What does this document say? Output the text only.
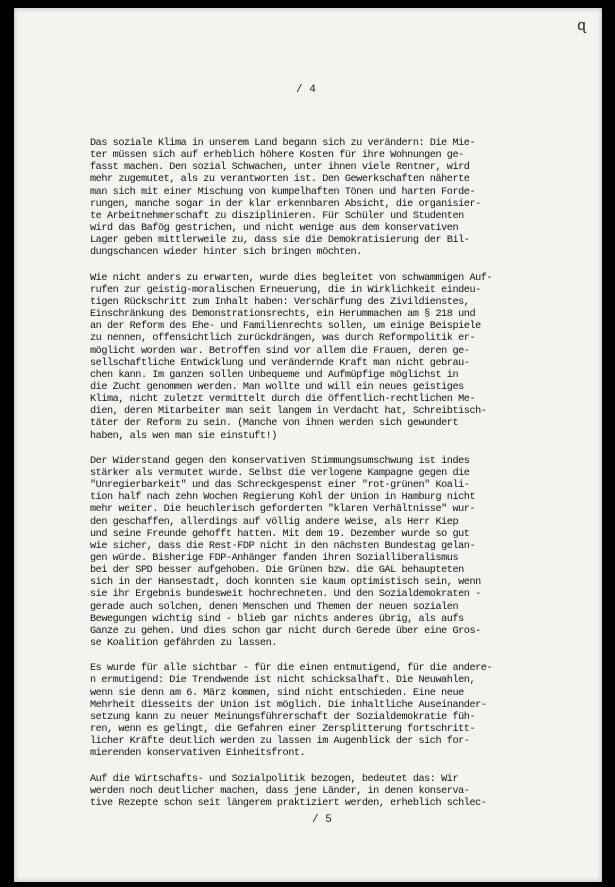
ɋ
/ 4
Das soziale Klima in unserem Land begann sich zu verändern: Die Mie-
ter müssen sich auf erheblich höhere Kosten für ihre Wohnungen ge-
fasst machen. Den sozial Schwachen, unter ihnen viele Rentner, wird
mehr zugemutet, als zu verantworten ist. Den Gewerkschaften näherte
man sich mit einer Mischung von kumpelhaften Tönen und harten Forde-
rungen, manche sogar in der klar erkennbaren Absicht, die organisier-
te Arbeitnehmerschaft zu disziplinieren. Für Schüler und Studenten
wird das Bafög gestrichen, und nicht wenige aus dem konservativen
Lager geben mittlerweile zu, dass sie die Demokratisierung der Bil-
dungschancen wieder hinter sich bringen möchten.
Wie nicht anders zu erwarten, wurde dies begleitet von schwammigen Auf-
rufen zur geistig-moralischen Erneuerung, die in Wirklichkeit eindeu-
tigen Rückschritt zum Inhalt haben: Verschärfung des Zivildienstes,
Einschränkung des Demonstrationsrechts, ein Herummachen am § 218 und
an der Reform des Ehe- und Familienrechts sollen, um einige Beispiele
zu nennen, offensichtlich zurückdrängen, was durch Reformpolitik er-
möglicht worden war. Betroffen sind vor allem die Frauen, deren ge-
sellschaftliche Entwicklung und verändernde Kraft man nicht gebrau-
chen kann. Im ganzen sollen Unbequeme und Aufmüpfige möglichst in
die Zucht genommen werden. Man wollte und will ein neues geistiges
Klima, nicht zuletzt vermittelt durch die öffentlich-rechtlichen Me-
dien, deren Mitarbeiter man seit langem in Verdacht hat, Schreibtisch-
täter der Reform zu sein. (Manche von ihnen werden sich gewundert
haben, als wen man sie einstuft!)
Der Widerstand gegen den konservativen Stimmungsumschwung ist indes
stärker als vermutet wurde. Selbst die verlogene Kampagne gegen die
"Unregierbarkeit" und das Schreckgespenst einer "rot-grünen" Koali-
tion half nach zehn Wochen Regierung Kohl der Union in Hamburg nicht
mehr weiter. Die heuchlerisch geforderten "klaren Verhältnisse" wur-
den geschaffen, allerdings auf völlig andere Weise, als Herr Kiep
und seine Freunde gehofft hatten. Mit dem 19. Dezember wurde so gut
wie sicher, dass die Rest-FDP nicht in den nächsten Bundestag gelan-
gen würde. Bisherige FDP-Anhänger fanden ihren Sozialliberalismus
bei der SPD besser aufgehoben. Die Grünen bzw. die GAL behaupteten
sich in der Hansestadt, doch konnten sie kaum optimistisch sein, wenn
sie ihr Ergebnis bundesweit hochrechneten. Und den Sozialdemokraten -
gerade auch solchen, denen Menschen und Themen der neuen sozialen
Bewegungen wichtig sind - blieb gar nichts anderes übrig, als aufs
Ganze zu gehen. Und dies schon gar nicht durch Gerede über eine Gros-
se Koalition gefährden zu lassen.
Es wurde für alle sichtbar - für die einen entmutigend, für die andere-
n ermutigend: Die Trendwende ist nicht schicksalhaft. Die Neuwahlen,
wenn sie denn am 6. März kommen, sind nicht entschieden. Eine neue
Mehrheit diesseits der Union ist möglich. Die inhaltliche Auseinander-
setzung kann zu neuer Meinungsführerschaft der Sozialdemokratie füh-
ren, wenn es gelingt, die Gefahren einer Zersplitterung fortschritt-
licher Kräfte deutlich werden zu lassen im Augenblick der sich for-
mierenden konservativen Einheitsfront.
Auf die Wirtschafts- und Sozialpolitik bezogen, bedeutet das: Wir
werden noch deutlicher machen, dass jene Länder, in denen konserva-
tive Rezepte schon seit längerem praktiziert werden, erheblich schlec-
/ 5
